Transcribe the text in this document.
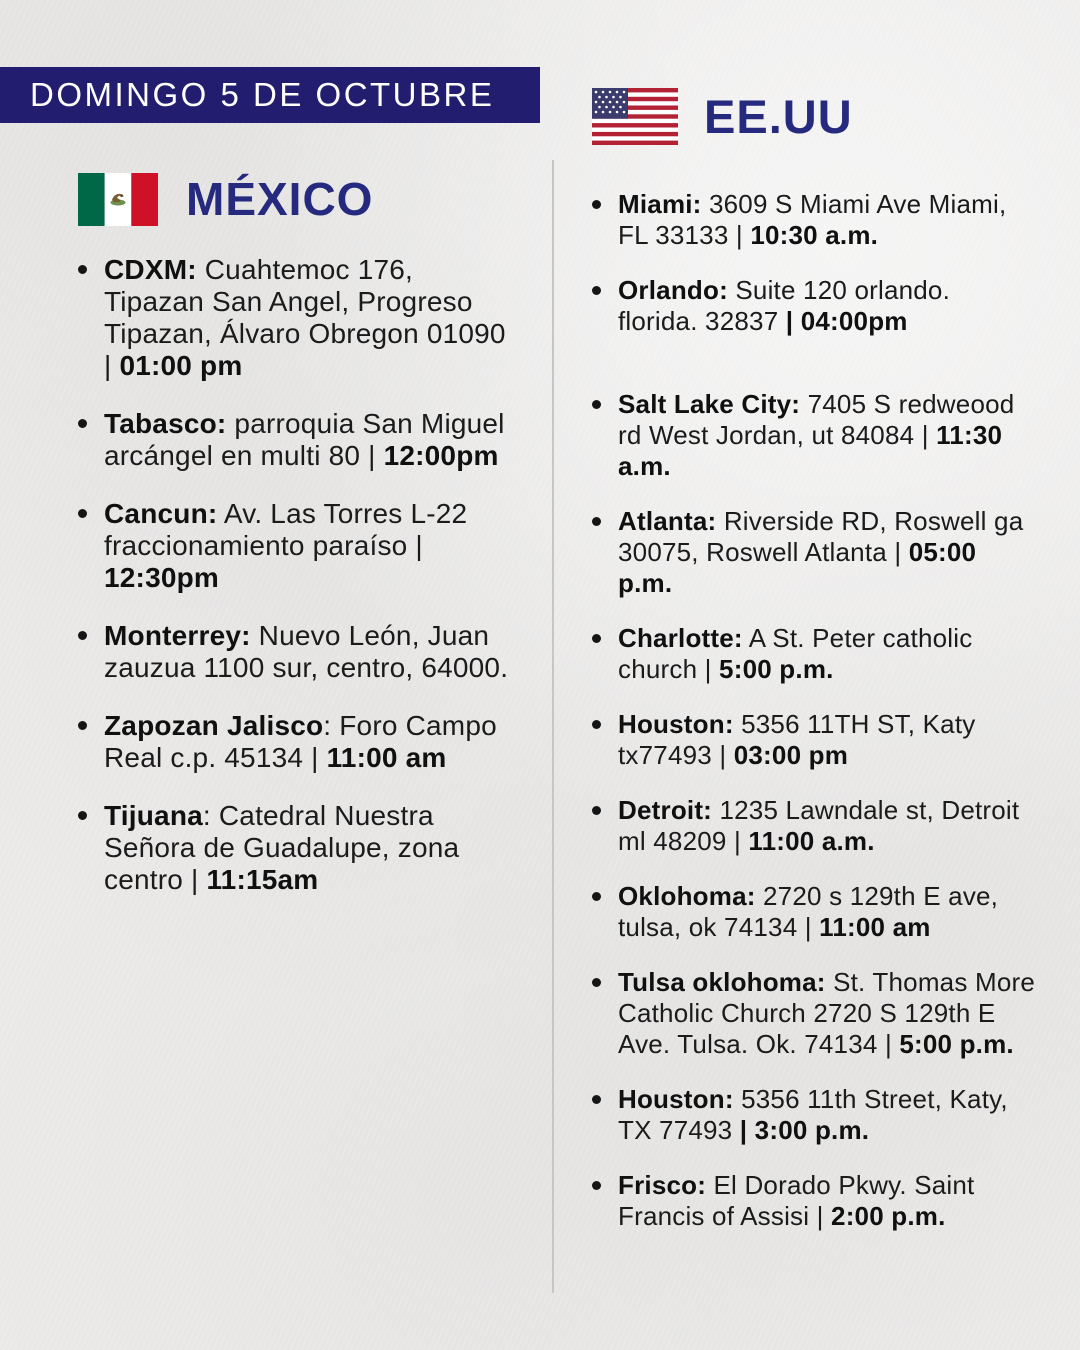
DOMINGO 5 DE OCTUBRE
MÉXICO
CDXM: Cuahtemoc 176, Tipazan San Angel, Progreso Tipazan, Álvaro Obregon 01090 | 01:00 pm
Tabasco: parroquia San Miguel arcángel en multi 80 | 12:00pm
Cancun: Av. Las Torres L-22 fraccionamiento paraíso | 12:30pm
Monterrey: Nuevo León, Juan zauzua 1100 sur, centro, 64000.
Zapozan Jalisco: Foro Campo Real c.p. 45134 | 11:00 am
Tijuana: Catedral Nuestra Señora de Guadalupe, zona centro | 11:15am
EE.UU
Miami: 3609 S Miami Ave Miami, FL 33133 | 10:30 a.m.
Orlando: Suite 120 orlando. florida. 32837 | 04:00pm
Salt Lake City: 7405 S redweood rd West Jordan, ut 84084 | 11:30 a.m.
Atlanta: Riverside RD, Roswell ga 30075, Roswell Atlanta | 05:00 p.m.
Charlotte: A St. Peter catholic church | 5:00 p.m.
Houston: 5356 11TH ST, Katy tx77493 | 03:00 pm
Detroit: 1235 Lawndale st, Detroit ml 48209 | 11:00 a.m.
Oklohoma: 2720 s 129th E ave, tulsa, ok 74134 | 11:00 am
Tulsa oklohoma: St. Thomas More Catholic Church 2720 S 129th E Ave. Tulsa. Ok. 74134 | 5:00 p.m.
Houston: 5356 11th Street, Katy, TX 77493 | 3:00 p.m.
Frisco: El Dorado Pkwy. Saint Francis of Assisi | 2:00 p.m.
